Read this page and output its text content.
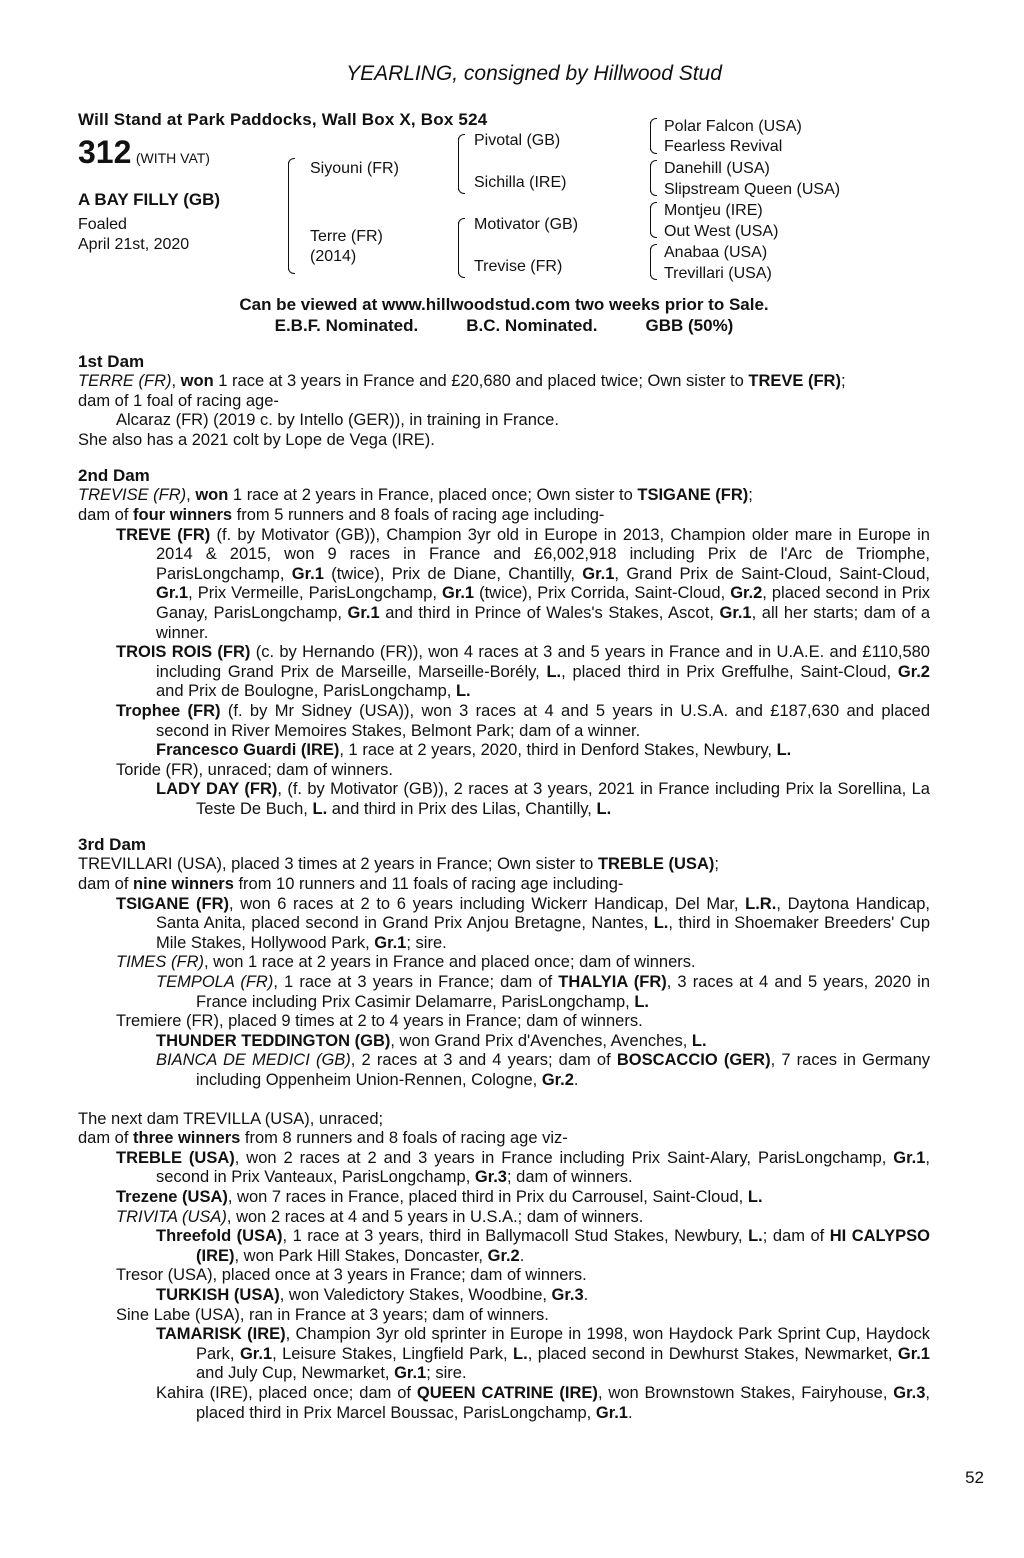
YEARLING, consigned by Hillwood Stud
Will Stand at Park Paddocks, Wall Box X, Box 524
312 (WITH VAT)
A BAY FILLY (GB)
Foaled
April 21st, 2020
Siyouni (FR)
Terre (FR)
(2014)
Pivotal (GB)
Sichilla (IRE)
Motivator (GB)
Trevise (FR)
Polar Falcon (USA)
Fearless Revival
Danehill (USA)
Slipstream Queen (USA)
Montjeu (IRE)
Out West (USA)
Anabaa (USA)
Trevillari (USA)
Can be viewed at www.hillwoodstud.com two weeks prior to Sale.
E.B.F. Nominated.	B.C. Nominated.	GBB (50%)
1st Dam
TERRE (FR), won 1 race at 3 years in France and £20,680 and placed twice; Own sister to TREVE (FR);
dam of 1 foal of racing age-
Alcaraz (FR) (2019 c. by Intello (GER)), in training in France.
She also has a 2021 colt by Lope de Vega (IRE).
2nd Dam
TREVISE (FR), won 1 race at 2 years in France, placed once; Own sister to TSIGANE (FR);
dam of four winners from 5 runners and 8 foals of racing age including-
TREVE (FR) (f. by Motivator (GB)), Champion 3yr old in Europe in 2013, Champion older mare in Europe in 2014 & 2015, won 9 races in France and £6,002,918 including Prix de l'Arc de Triomphe, ParisLongchamp, Gr.1 (twice), Prix de Diane, Chantilly, Gr.1, Grand Prix de Saint-Cloud, Saint-Cloud, Gr.1, Prix Vermeille, ParisLongchamp, Gr.1 (twice), Prix Corrida, Saint-Cloud, Gr.2, placed second in Prix Ganay, ParisLongchamp, Gr.1 and third in Prince of Wales's Stakes, Ascot, Gr.1, all her starts; dam of a winner.
TROIS ROIS (FR) (c. by Hernando (FR)), won 4 races at 3 and 5 years in France and in U.A.E. and £110,580 including Grand Prix de Marseille, Marseille-Borély, L., placed third in Prix Greffulhe, Saint-Cloud, Gr.2 and Prix de Boulogne, ParisLongchamp, L.
Trophee (FR) (f. by Mr Sidney (USA)), won 3 races at 4 and 5 years in U.S.A. and £187,630 and placed second in River Memoires Stakes, Belmont Park; dam of a winner.
Francesco Guardi (IRE), 1 race at 2 years, 2020, third in Denford Stakes, Newbury, L.
Toride (FR), unraced; dam of winners.
LADY DAY (FR), (f. by Motivator (GB)), 2 races at 3 years, 2021 in France including Prix la Sorellina, La Teste De Buch, L. and third in Prix des Lilas, Chantilly, L.
3rd Dam
TREVILLARI (USA), placed 3 times at 2 years in France; Own sister to TREBLE (USA);
dam of nine winners from 10 runners and 11 foals of racing age including-
TSIGANE (FR), won 6 races at 2 to 6 years including Wickerr Handicap, Del Mar, L.R., Daytona Handicap, Santa Anita, placed second in Grand Prix Anjou Bretagne, Nantes, L., third in Shoemaker Breeders' Cup Mile Stakes, Hollywood Park, Gr.1; sire.
TIMES (FR), won 1 race at 2 years in France and placed once; dam of winners.
TEMPOLA (FR), 1 race at 3 years in France; dam of THALYIA (FR), 3 races at 4 and 5 years, 2020 in France including Prix Casimir Delamarre, ParisLongchamp, L.
Tremiere (FR), placed 9 times at 2 to 4 years in France; dam of winners.
THUNDER TEDDINGTON (GB), won Grand Prix d'Avenches, Avenches, L.
BIANCA DE MEDICI (GB), 2 races at 3 and 4 years; dam of BOSCACCIO (GER), 7 races in Germany including Oppenheim Union-Rennen, Cologne, Gr.2.
The next dam TREVILLA (USA), unraced;
dam of three winners from 8 runners and 8 foals of racing age viz-
TREBLE (USA), won 2 races at 2 and 3 years in France including Prix Saint-Alary, ParisLongchamp, Gr.1, second in Prix Vanteaux, ParisLongchamp, Gr.3; dam of winners.
Trezene (USA), won 7 races in France, placed third in Prix du Carrousel, Saint-Cloud, L.
TRIVITA (USA), won 2 races at 4 and 5 years in U.S.A.; dam of winners.
Threefold (USA), 1 race at 3 years, third in Ballymacoll Stud Stakes, Newbury, L.; dam of HI CALYPSO (IRE), won Park Hill Stakes, Doncaster, Gr.2.
Tresor (USA), placed once at 3 years in France; dam of winners.
TURKISH (USA), won Valedictory Stakes, Woodbine, Gr.3.
Sine Labe (USA), ran in France at 3 years; dam of winners.
TAMARISK (IRE), Champion 3yr old sprinter in Europe in 1998, won Haydock Park Sprint Cup, Haydock Park, Gr.1, Leisure Stakes, Lingfield Park, L., placed second in Dewhurst Stakes, Newmarket, Gr.1 and July Cup, Newmarket, Gr.1; sire.
Kahira (IRE), placed once; dam of QUEEN CATRINE (IRE), won Brownstown Stakes, Fairyhouse, Gr.3, placed third in Prix Marcel Boussac, ParisLongchamp, Gr.1.
52
